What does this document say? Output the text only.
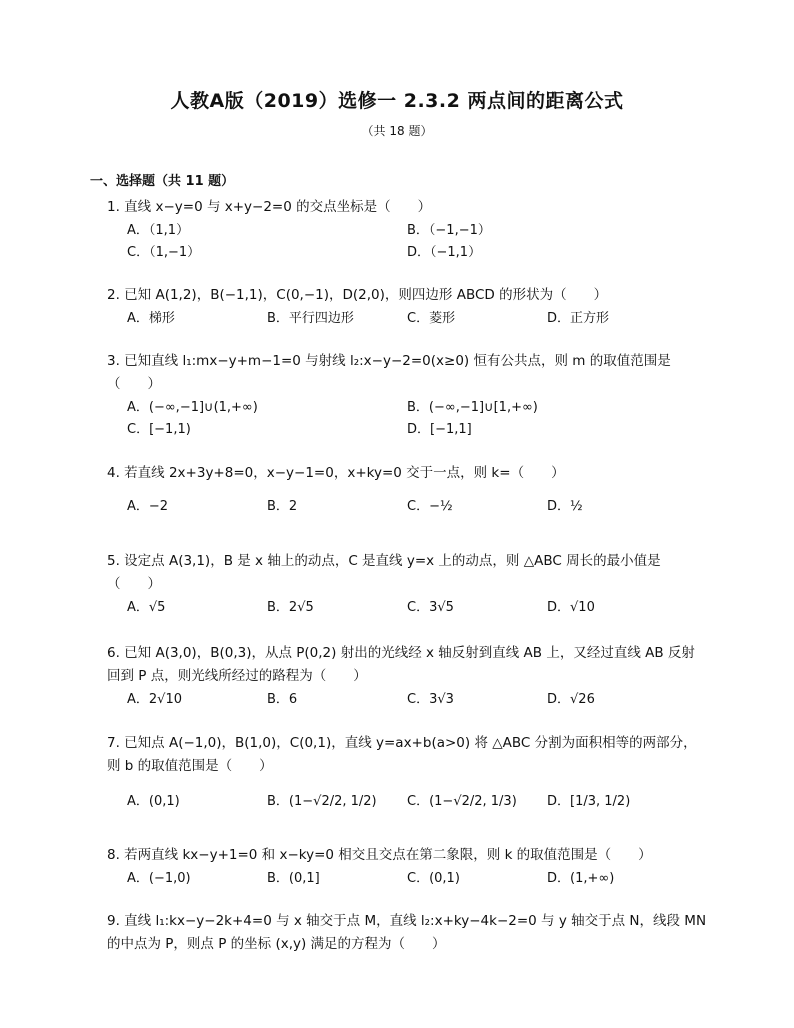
人教A版（2019）选修一 2.3.2 两点间的距离公式
（共 18 题）
一、选择题（共 11 题）
1. 直线 x−y=0 与 x+y−2=0 的交点坐标是（　　）
A．（1,1）	B．（−1,−1）
C．（1,−1）	D．（−1,1）
2. 已知 A(1,2)，B(−1,1)，C(0,−1)，D(2,0)，则四边形 ABCD 的形状为（　　）
A．梯形	B．平行四边形	C．菱形	D．正方形
3. 已知直线 l₁:mx−y+m−1=0 与射线 l₂:x−y−2=0(x≥0) 恒有公共点，则 m 的取值范围是（　　）
A．(−∞,−1]∪(1,+∞)	B．(−∞,−1]∪[1,+∞)
C．[−1,1)	D．[−1,1]
4. 若直线 2x+3y+8=0，x−y−1=0，x+ky=0 交于一点，则 k=（　　）
A．−2	B．2	C．−½	D．½
5. 设定点 A(3,1)，B 是 x 轴上的动点，C 是直线 y=x 上的动点，则 △ABC 周长的最小值是（　　）
A．√5	B．2√5	C．3√5	D．√10
6. 已知 A(3,0)，B(0,3)，从点 P(0,2) 射出的光线经 x 轴反射到直线 AB 上，又经过直线 AB 反射回到 P 点，则光线所经过的路程为（　　）
A．2√10	B．6	C．3√3	D．√26
7. 已知点 A(−1,0)，B(1,0)，C(0,1)，直线 y=ax+b(a>0) 将 △ABC 分割为面积相等的两部分，则 b 的取值范围是（　　）
A．(0,1)	B．(1−√2/2, 1/2) C．(1−√2/2, 1/3) D．[1/3, 1/2)
8. 若两直线 kx−y+1=0 和 x−ky=0 相交且交点在第二象限，则 k 的取值范围是（　　）
A．(−1,0)	B．(0,1]	C．(0,1)	D．(1,+∞)
9. 直线 l₁:kx−y−2k+4=0 与 x 轴交于点 M，直线 l₂:x+ky−4k−2=0 与 y 轴交于点 N，线段 MN 的中点为 P，则点 P 的坐标 (x,y) 满足的方程为（　　）
